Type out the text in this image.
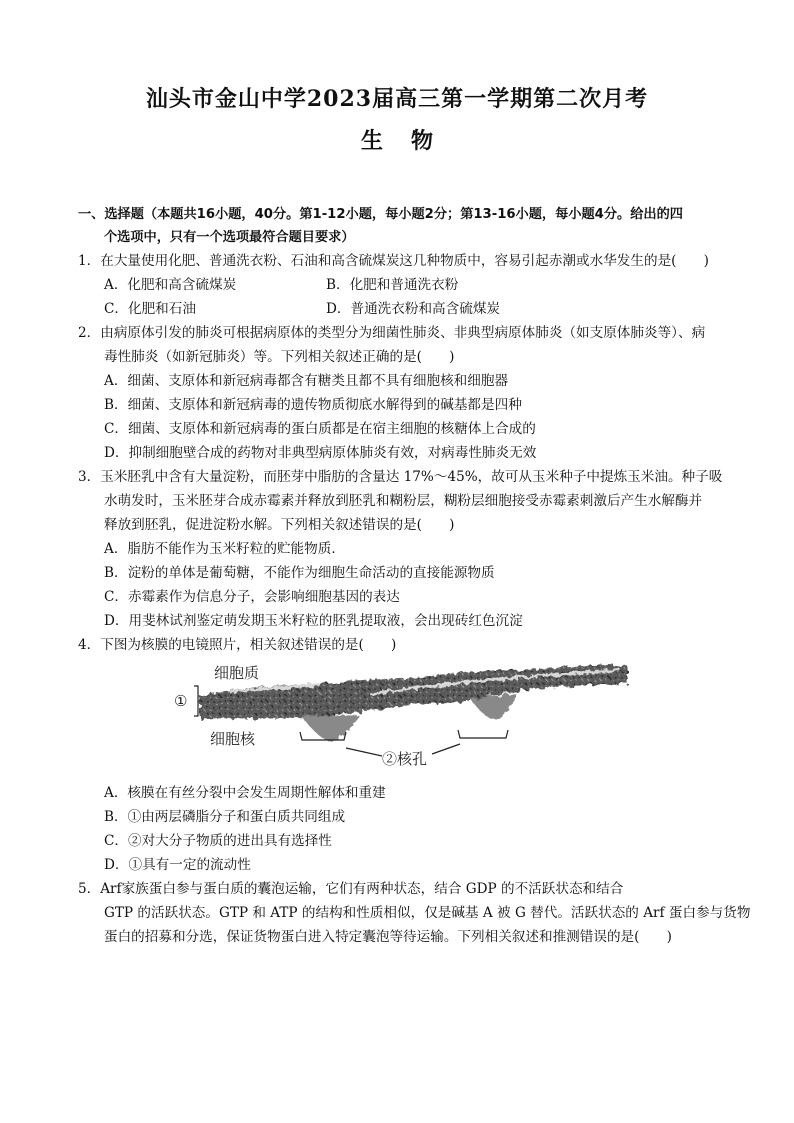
汕头市金山中学2023届高三第一学期第二次月考
生物
一、选择题（本题共16小题，40分。第1-12小题，每小题2分；第13-16小题，每小题4分。给出的四
个选项中，只有一个选项最符合题目要求）
1．在大量使用化肥、普通洗衣粉、石油和高含硫煤炭这几种物质中，容易引起赤潮或水华发生的是(　　)
A．化肥和高含硫煤炭	B．化肥和普通洗衣粉
C．化肥和石油	D．普通洗衣粉和高含硫煤炭
2．由病原体引发的肺炎可根据病原体的类型分为细菌性肺炎、非典型病原体肺炎（如支原体肺炎等）、病
毒性肺炎（如新冠肺炎）等。下列相关叙述正确的是(　　)
A．细菌、支原体和新冠病毒都含有糖类且都不具有细胞核和细胞器
B．细菌、支原体和新冠病毒的遗传物质彻底水解得到的碱基都是四种
C．细菌、支原体和新冠病毒的蛋白质都是在宿主细胞的核糖体上合成的
D．抑制细胞壁合成的药物对非典型病原体肺炎有效，对病毒性肺炎无效
3．玉米胚乳中含有大量淀粉，而胚芽中脂肪的含量达 17%～45%，故可从玉米种子中提炼玉米油。种子吸
水萌发时，玉米胚芽合成赤霉素并释放到胚乳和糊粉层，糊粉层细胞接受赤霉素刺激后产生水解酶并
释放到胚乳，促进淀粉水解。下列相关叙述错误的是(　　)
A．脂肪不能作为玉米籽粒的贮能物质．
B．淀粉的单体是葡萄糖，不能作为细胞生命活动的直接能源物质
C．赤霉素作为信息分子，会影响细胞基因的表达
D．用斐林试剂鉴定萌发期玉米籽粒的胚乳提取液，会出现砖红色沉淀
4．下图为核膜的电镜照片，相关叙述错误的是(　　)
细胞质
细胞核
①
②核孔
A．核膜在有丝分裂中会发生周期性解体和重建
B．①由两层磷脂分子和蛋白质共同组成
C．②对大分子物质的进出具有选择性
D．①具有一定的流动性
5．Arf家族蛋白参与蛋白质的囊泡运输，它们有两种状态，结合 GDP 的不活跃状态和结合
GTP 的活跃状态。GTP 和 ATP 的结构和性质相似，仅是碱基 A 被 G 替代。活跃状态的 Arf 蛋白参与货物
蛋白的招募和分选，保证货物蛋白进入特定囊泡等待运输。下列相关叙述和推测错误的是(　　)
